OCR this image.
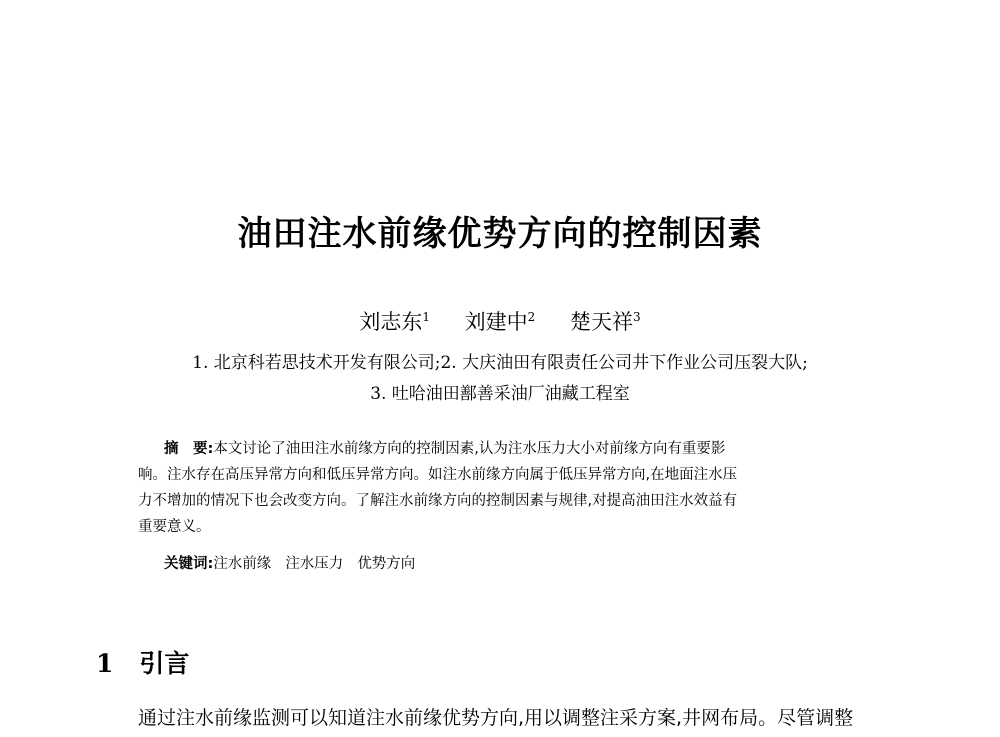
油田注水前缘优势方向的控制因素
刘志东$^1$ 刘建中$^2$ 楚天祥$^3$
1. 北京科若思技术开发有限公司;2. 大庆油田有限责任公司井下作业公司压裂大队;
3. 吐哈油田鄯善采油厂油藏工程室
摘　要:本文讨论了油田注水前缘方向的控制因素,认为注水压力大小对前缘方向有重要影
响。注水存在高压异常方向和低压异常方向。如注水前缘方向属于低压异常方向,在地面注水压
力不增加的情况下也会改变方向。了解注水前缘方向的控制因素与规律,对提高油田注水效益有
重要意义。
关键词:注水前缘 注水压力 优势方向
1 引言
通过注水前缘监测可以知道注水前缘优势方向,用以调整注采方案,井网布局。尽管调整
